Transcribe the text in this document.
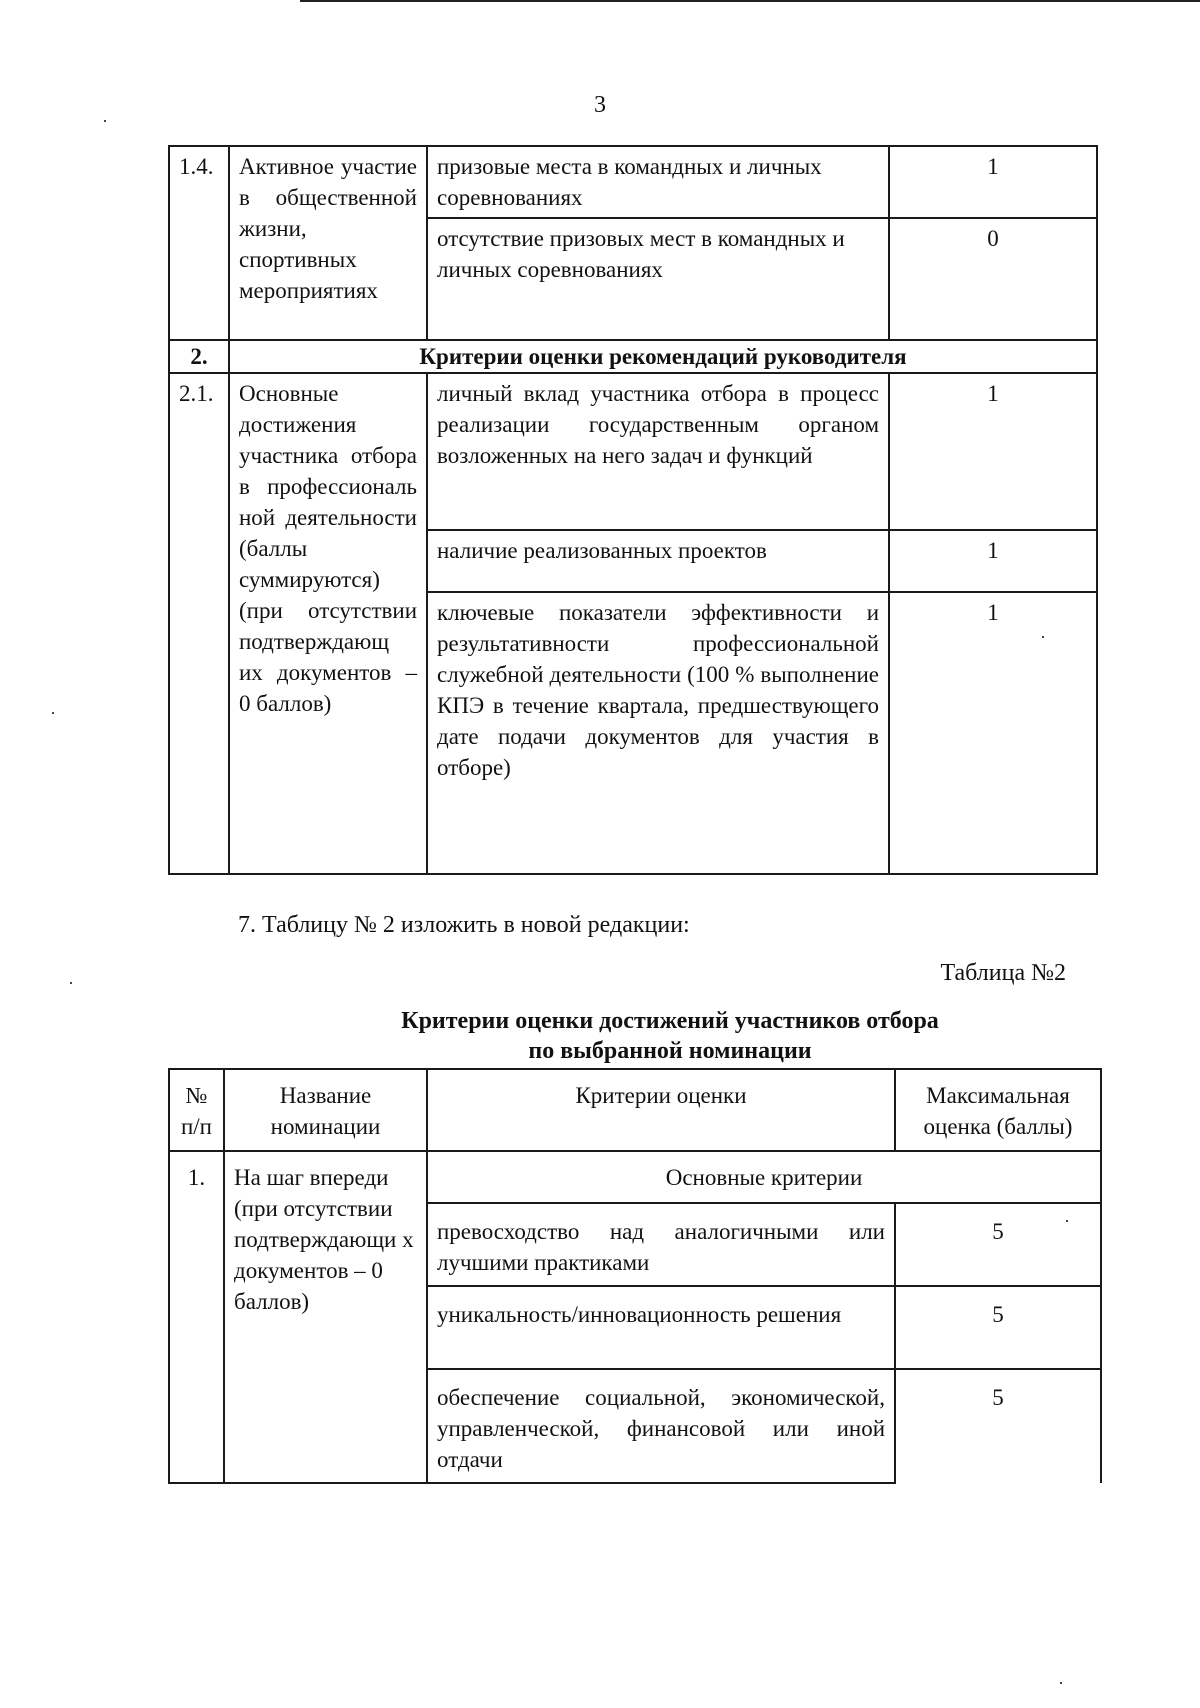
3
1.4.	Активное участие в общественной жизни, спортивных мероприятиях	призовые места в командных и личных соревнованиях	1
		отсутствие призовых мест в командных и личных соревнованиях	0
2.	Критерии оценки рекомендаций руководителя		
2.1.	Основные достижения участника отбора в профессиональ ной деятельности (баллы суммируются) (при отсутствии подтверждающ их документов – 0 баллов)	личный вклад участника отбора в процесс реализации государственным органом возложенных на него задач и функций	1
		наличие реализованных проектов	1
		ключевые показатели эффективности и результативности профессиональной служебной деятельности (100 % выполнение КПЭ в течение квартала, предшествующего дате подачи документов для участия в отборе)	1
7. Таблицу № 2 изложить в новой редакции:
Таблица №2
Критерии оценки достижений участников отбора
по выбранной номинации
№ п/п	Название номинации	Критерии оценки	Максимальная оценка (баллы)
1.	На шаг впереди (при отсутствии подтверждающи х документов – 0 баллов)	Основные критерии	
		превосходство над аналогичными или лучшими практиками	5
		уникальность/инновационность решения	5
		обеспечение социальной, экономической, управленческой, финансовой или иной отдачи	5
